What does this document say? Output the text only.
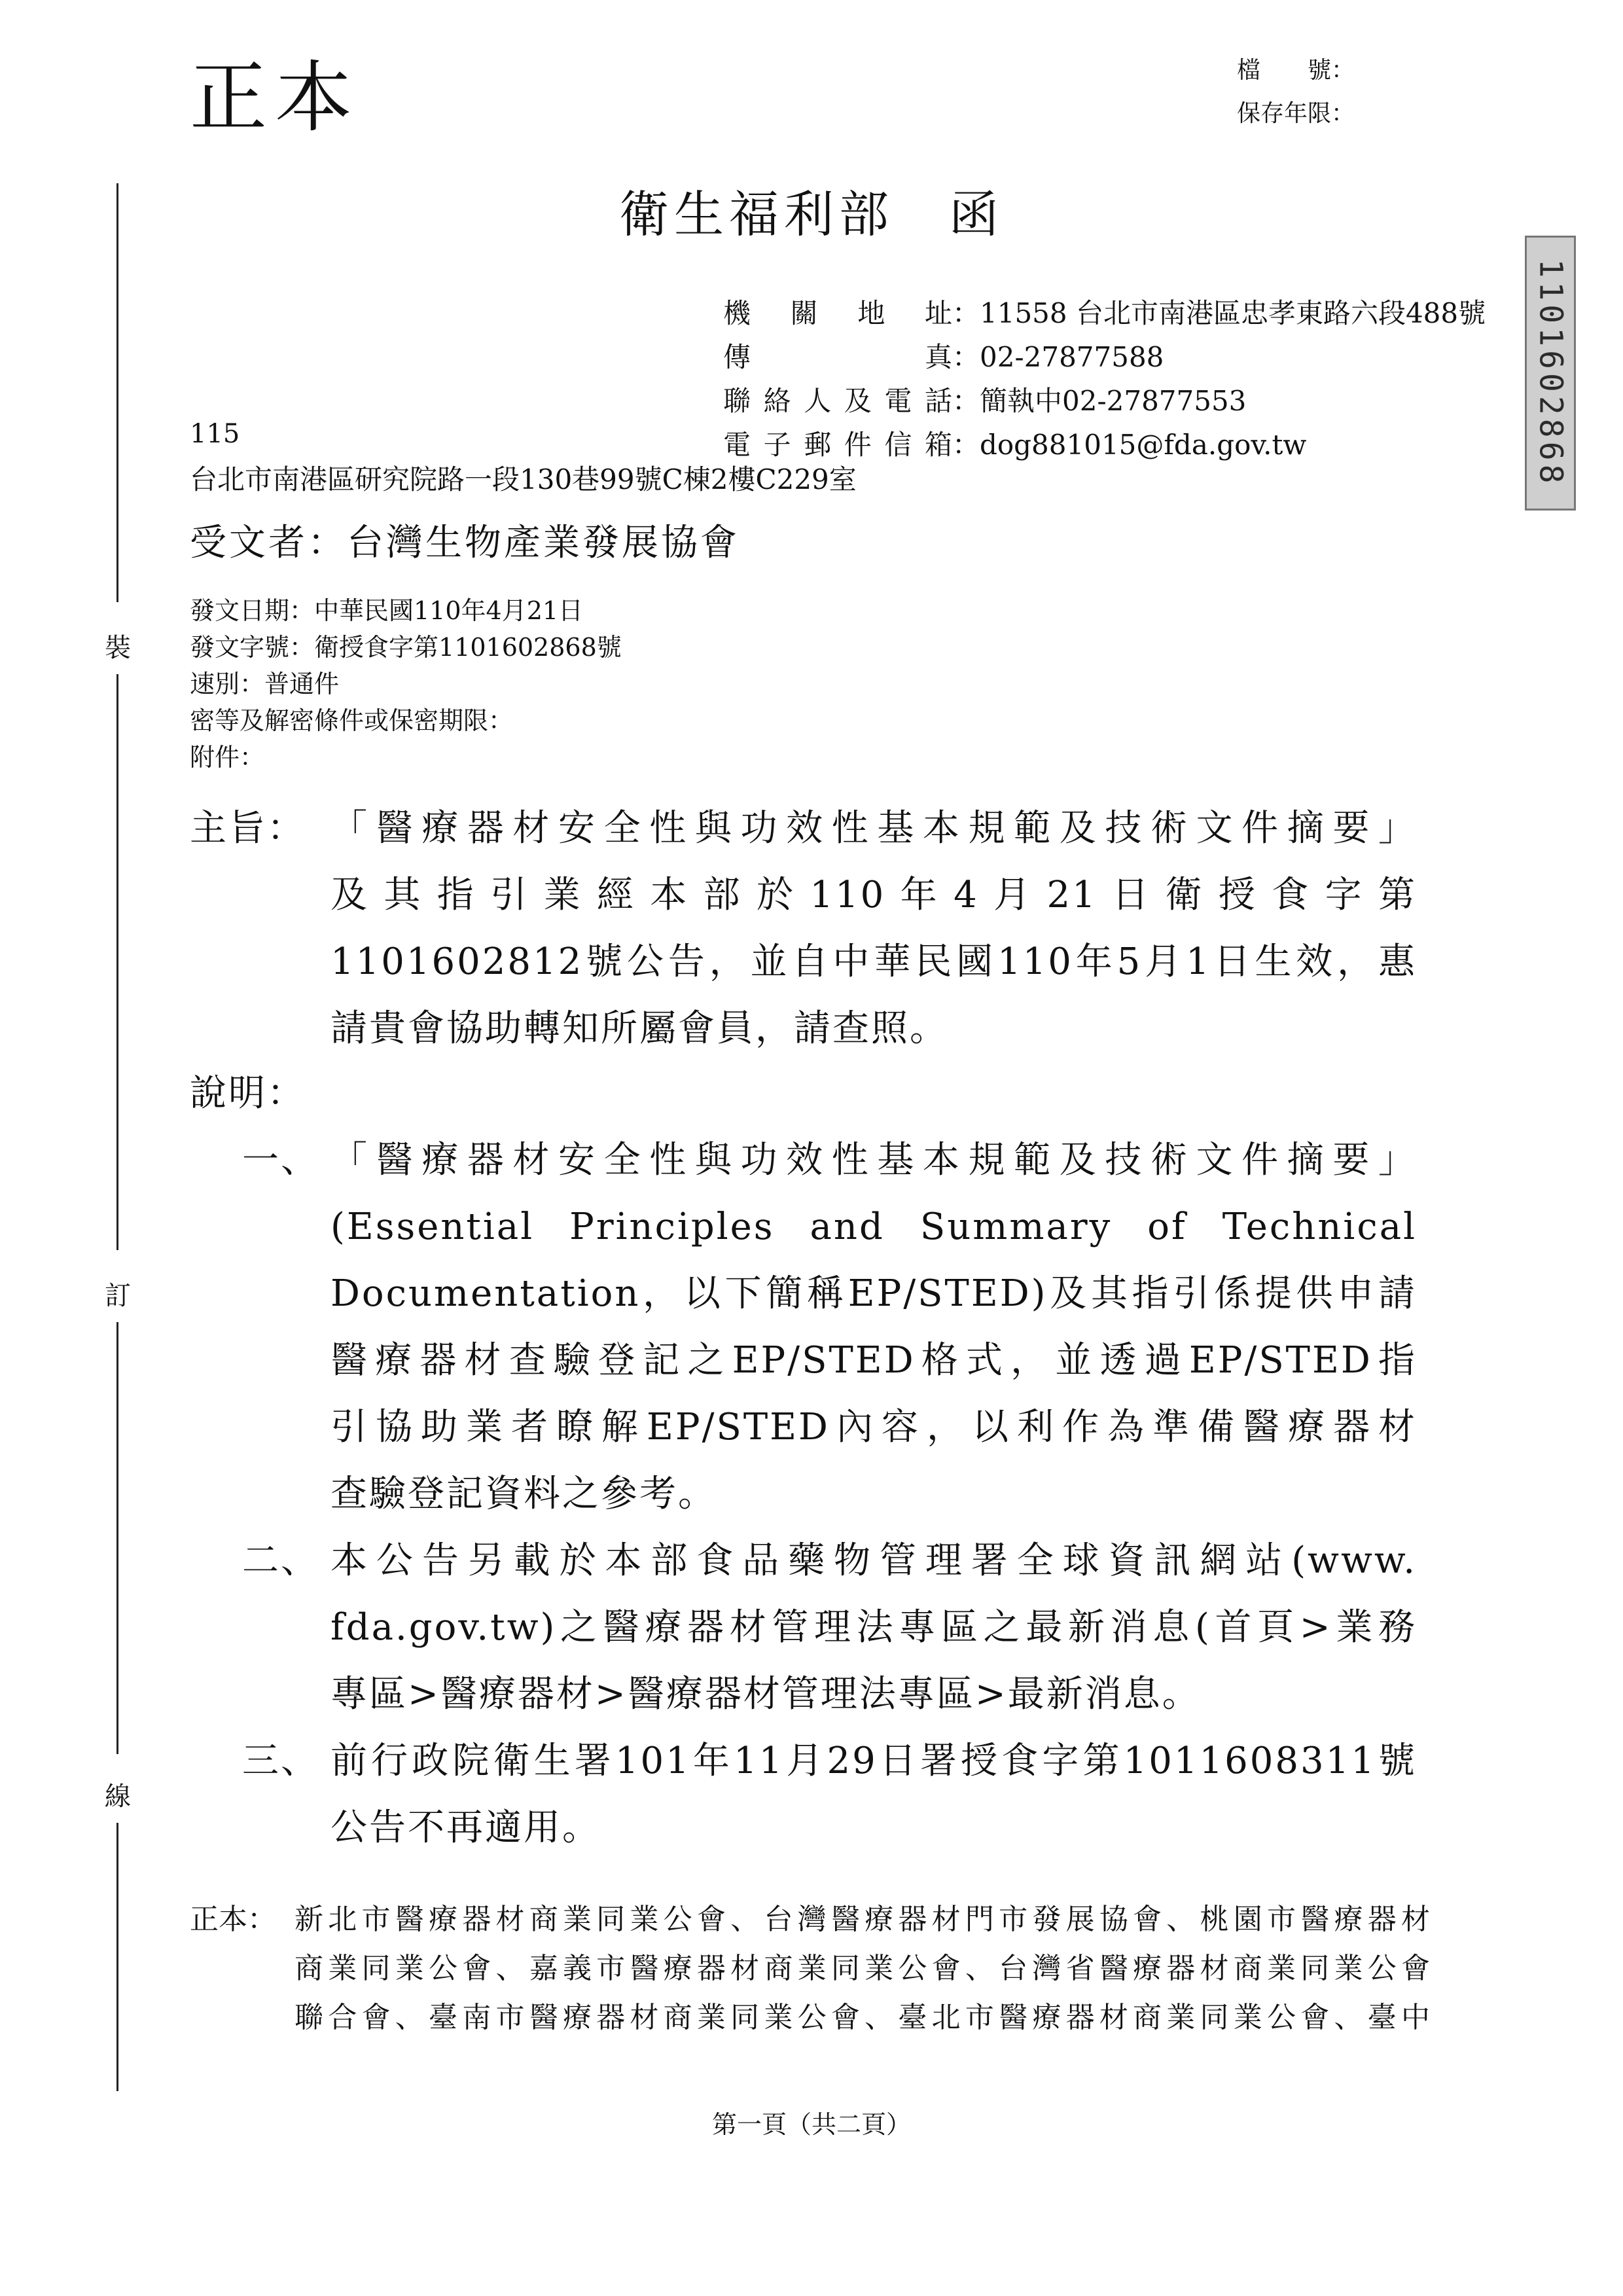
正本	檔　　號：
保存年限：
1101602868
裝
訂
線
衛生福利部　函
機關地址 ：11558 台北市南港區忠孝東路六段488號
傳　　真 ：02-27877588
聯絡人及電話 ：簡執中02-27877553
電子郵件信箱 ：dog881015@fda.gov.tw
115
台北市南港區研究院路一段130巷99號C棟2樓C229室
受文者：台灣生物產業發展協會
發文日期：中華民國110年4月21日
發文字號：衛授食字第1101602868號
速別：普通件
密等及解密條件或保密期限：
附件：
主旨： 「醫療器材安全性與功效性基本規範及技術文件摘要」
及其指引業經本部於110年4月21日衛授食字第
1101602812號公告，並自中華民國110年5月1日生效，惠
請貴會協助轉知所屬會員，請查照。
說明：
一、 「醫療器材安全性與功效性基本規範及技術文件摘要」
(Essential Principles and Summary of Technical
Documentation，以下簡稱EP/STED)及其指引係提供申請
醫療器材查驗登記之EP/STED格式，並透過EP/STED指
引協助業者瞭解EP/STED內容，以利作為準備醫療器材
查驗登記資料之參考。
二、 本公告另載於本部食品藥物管理署全球資訊網站(www.
fda.gov.tw)之醫療器材管理法專區之最新消息(首頁>業務
專區>醫療器材>醫療器材管理法專區>最新消息。
三、 前行政院衛生署101年11月29日署授食字第1011608311號
公告不再適用。
正本： 新北市醫療器材商業同業公會、台灣醫療器材門市發展協會、桃園市醫療器材
商業同業公會、嘉義市醫療器材商業同業公會、台灣省醫療器材商業同業公會
聯合會、臺南市醫療器材商業同業公會、臺北市醫療器材商業同業公會、臺中
第一頁（共二頁）
